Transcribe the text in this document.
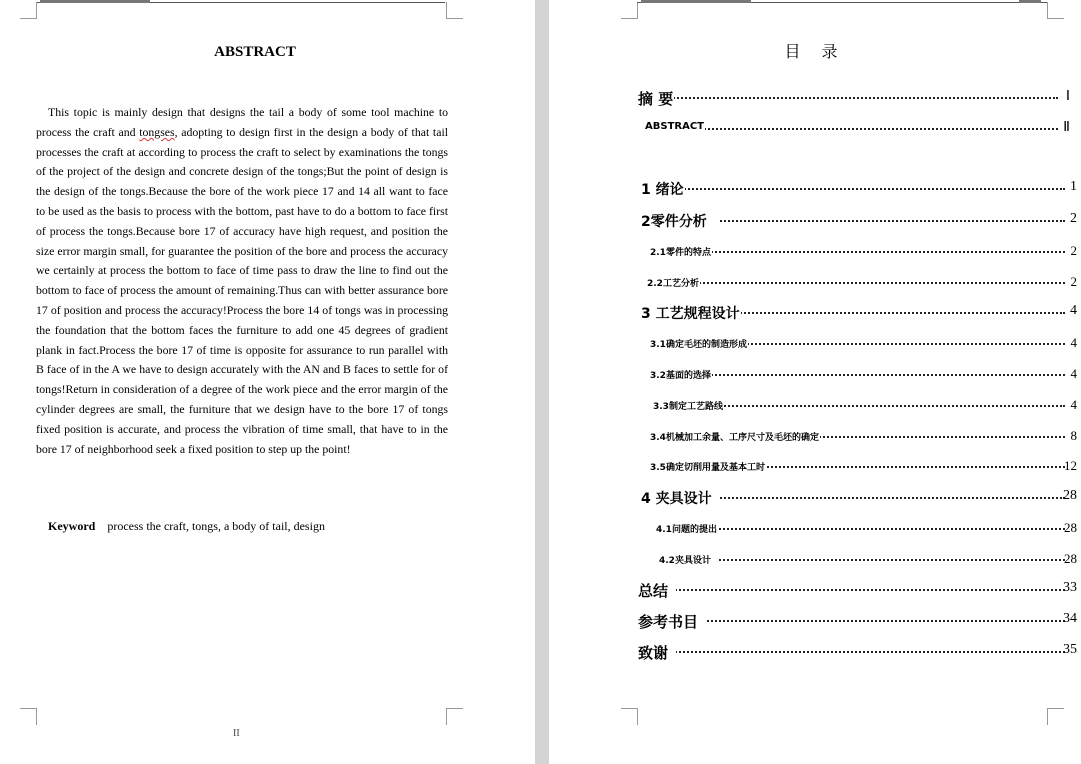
ABSTRACT

This topic is mainly design that designs the tail a body of some tool machine to process the craft and tongses, adopting to design first in the design a body of that tail processes the craft at according to process the craft to select by examinations the tongs of the project of the design and concrete design of the tongs;But the point of design is the design of the tongs.Because the bore of the work piece 17 and 14 all want to face to be used as the basis to process with the bottom, past have to do a bottom to face first of process the tongs.Because bore 17 of accuracy have high request, and position the size error margin small, for guarantee the position of the bore and process the accuracy we certainly at process the bottom to face of time pass to draw the line to find out the bottom to face of process the amount of remaining.Thus can with better assurance bore 17 of position and process the accuracy!Process the bore 14 of tongs was in processing the foundation that the bottom faces the furniture to add one 45 degrees of gradient plank in fact.Process the bore 17 of time is opposite for assurance to run parallel with B face of in the A we have to design accurately with the AN and B faces to settle for of tongs!Return in consideration of a degree of the work piece and the error margin of the cylinder degrees are small, the furniture that we design have to the bore 17 of tongs fixed position is accurate, and process the vibration of time small, that have to in the bore 17 of neighborhood seek a fixed position to step up the point!

Keyword process the craft, tongs, a body of tail, design
II
目 录
摘 要	Ⅰ
ABSTRACT	Ⅱ
1 绪论	1
2零件分析	2
2.1零件的特点	2
2.2工艺分析	2
3 工艺规程设计	4
3.1确定毛坯的制造形成	4
3.2基面的选择	4
3.3制定工艺路线	4
3.4机械加工余量、工序尺寸及毛坯的确定	8
3.5确定切削用量及基本工时	12
4 夹具设计	28
4.1问题的提出	28
4.2夹具设计	28
总结	33
参考书目	34
致谢	35
